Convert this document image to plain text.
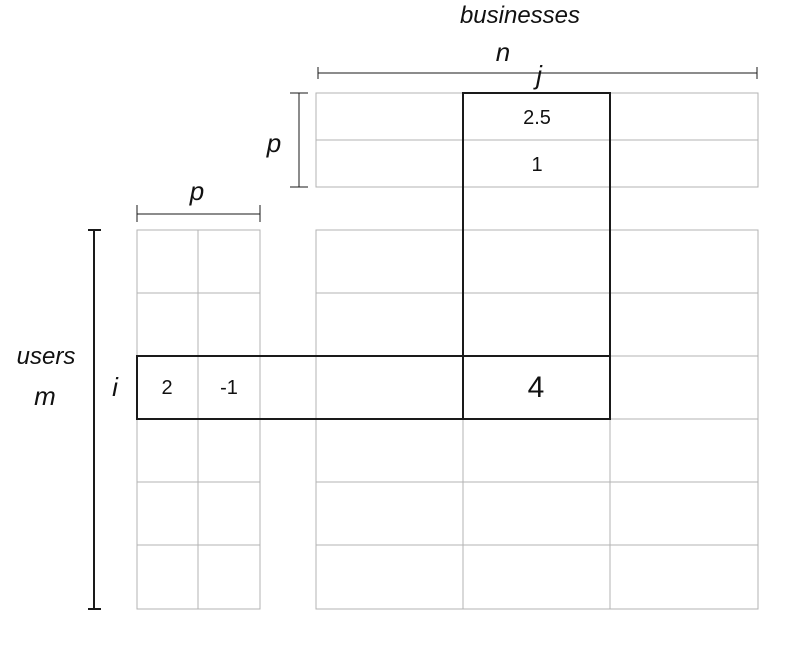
businesses
n
j
p
p
users
m i
2.5
1
2 -1	4
